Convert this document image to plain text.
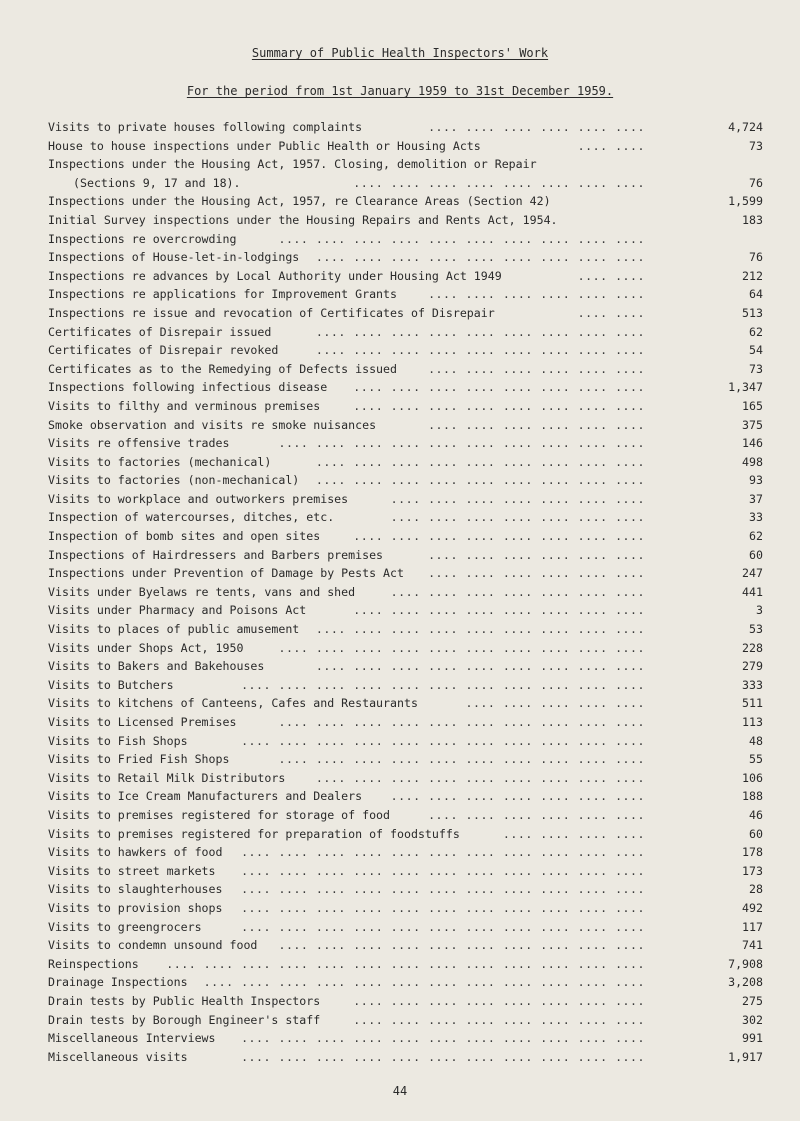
Summary of Public Health Inspectors' Work
For the period from 1st January 1959 to 31st December 1959.
Visits to private houses following complaints	.... .... .... .... .... ....	4,724
House to house inspections under Public Health or Housing Acts	.... ....	73
Inspections under the Housing Act, 1957. Closing, demolition or Repair
(Sections 9, 17 and 18).	.... .... .... .... .... .... .... ....	76
Inspections under the Housing Act, 1957, re Clearance Areas (Section 42)	1,599
Initial Survey inspections under the Housing Repairs and Rents Act, 1954.	183
Inspections re overcrowding	.... .... .... .... .... .... .... .... .... ....
Inspections of House-let-in-lodgings .... .... .... .... .... .... .... .... ....	76
Inspections re advances by Local Authority under Housing Act 1949	.... ....	212
Inspections re applications for Improvement Grants	.... .... .... .... .... ....	64
Inspections re issue and revocation of Certificates of Disrepair	.... ....	513
Certificates of Disrepair issued	.... .... .... .... .... .... .... .... ....	62
Certificates of Disrepair revoked	.... .... .... .... .... .... .... .... ....	54
Certificates as to the Remedying of Defects issued	.... .... .... .... .... ....	73
Inspections following infectious disease .... .... .... .... .... .... .... ....	1,347
Visits to filthy and verminous premises	.... .... .... .... .... .... .... ....	165
Smoke observation and visits re smoke nuisances	.... .... .... .... .... ....	375
Visits re offensive trades	.... .... .... .... .... .... .... .... .... ....	146
Visits to factories (mechanical)	.... .... .... .... .... .... .... .... ....	498
Visits to factories (non-mechanical) .... .... .... .... .... .... .... .... ....	93
Visits to workplace and outworkers premises	.... .... .... .... .... .... ....	37
Inspection of watercourses, ditches, etc.	.... .... .... .... .... .... ....	33
Inspection of bomb sites and open sites	.... .... .... .... .... .... .... ....	62
Inspections of Hairdressers and Barbers premises	.... .... .... .... .... ....	60
Inspections under Prevention of Damage by Pests Act .... .... .... .... .... ....	247
Visits under Byelaws re tents, vans and shed	.... .... .... .... .... .... ....	441
Visits under Pharmacy and Poisons Act	.... .... .... .... .... .... .... ....	3
Visits to places of public amusement .... .... .... .... .... .... .... .... ....	53
Visits under Shops Act, 1950	.... .... .... .... .... .... .... .... .... ....	228
Visits to Bakers and Bakehouses	.... .... .... .... .... .... .... .... ....	279
Visits to Butchers	.... .... .... .... .... .... .... .... .... .... ....	333
Visits to kitchens of Canteens, Cafes and Restaurants	.... .... .... .... ....	511
Visits to Licensed Premises	.... .... .... .... .... .... .... .... .... ....	113
Visits to Fish Shops	.... .... .... .... .... .... .... .... .... .... ....	48
Visits to Fried Fish Shops	.... .... .... .... .... .... .... .... .... ....	55
Visits to Retail Milk Distributors	.... .... .... .... .... .... .... .... ....	106
Visits to Ice Cream Manufacturers and Dealers .... .... .... .... .... .... ....	188
Visits to premises registered for storage of food	.... .... .... .... .... ....	46
Visits to premises registered for preparation of foodstuffs	.... .... .... ....	60
Visits to hawkers of food .... .... .... .... .... .... .... .... .... .... ....	178
Visits to street markets .... .... .... .... .... .... .... .... .... .... ....	173
Visits to slaughterhouses .... .... .... .... .... .... .... .... .... .... ....	28
Visits to provision shops .... .... .... .... .... .... .... .... .... .... ....	492
Visits to greengrocers	.... .... .... .... .... .... .... .... .... .... ....	117
Visits to condemn unsound food .... .... .... .... .... .... .... .... .... ....	741
Reinspections .... .... .... .... .... .... .... .... .... .... .... .... ....	7,908
Drainage Inspections .... .... .... .... .... .... .... .... .... .... .... ....	3,208
Drain tests by Public Health Inspectors	.... .... .... .... .... .... .... ....	275
Drain tests by Borough Engineer's staff	.... .... .... .... .... .... .... ....	302
Miscellaneous Interviews .... .... .... .... .... .... .... .... .... .... ....	991
Miscellaneous visits	.... .... .... .... .... .... .... .... .... .... ....	1,917
44
